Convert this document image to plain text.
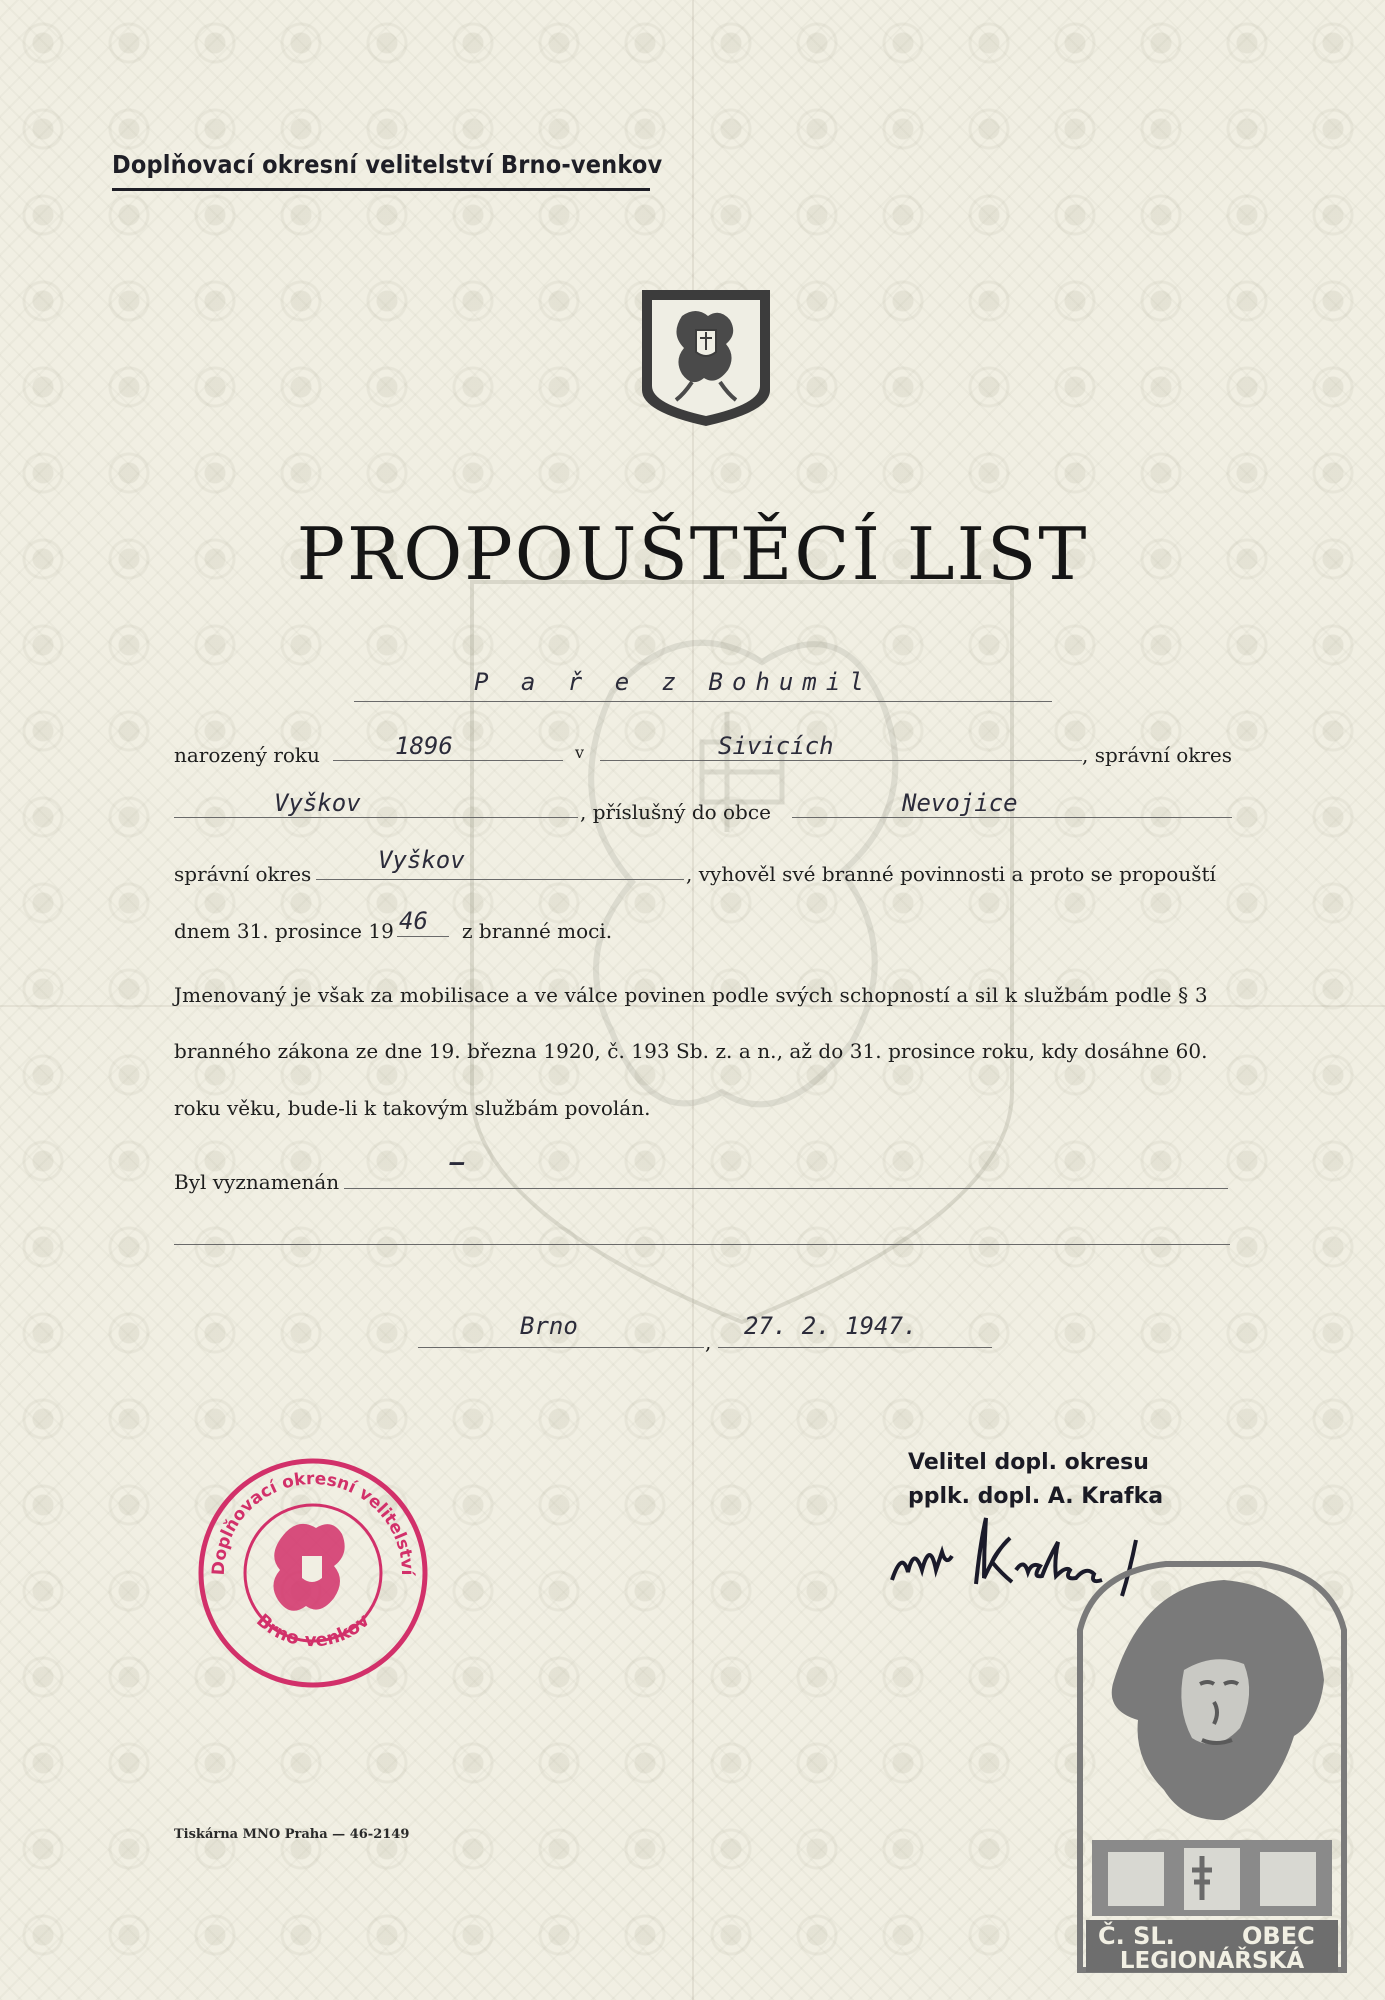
Doplňovací okresní velitelství Brno-venkov
PROPOUŠTĚCÍ LIST
P a ř e z Bohumil
narozený roku	1896	v	Sivicích	, správní okres
Vyškov	, příslušný do obce	Nevojice
správní okres	Vyškov	, vyhověl své branné povinnosti a proto se propouští
dnem 31. prosince 19 46 z branné moci.
Jmenovaný je však za mobilisace a ve válce povinen podle svých schopností a sil k službám podle § 3
branného zákona ze dne 19. března 1920, č. 193 Sb. z. a n., až do 31. prosince roku, kdy dosáhne 60.
roku věku, bude-li k takovým službám povolán.
Byl vyznamenán
–
Brno
,
27. 2. 1947.
Velitel dopl. okresu
pplk. dopl. A. Krafka
Doplňovací okresní velitelství
Brno-venkov
Tiskárna MNO Praha — 46-2149
Č. SL.	OBEC
LEGIONÁŘSKÁ
